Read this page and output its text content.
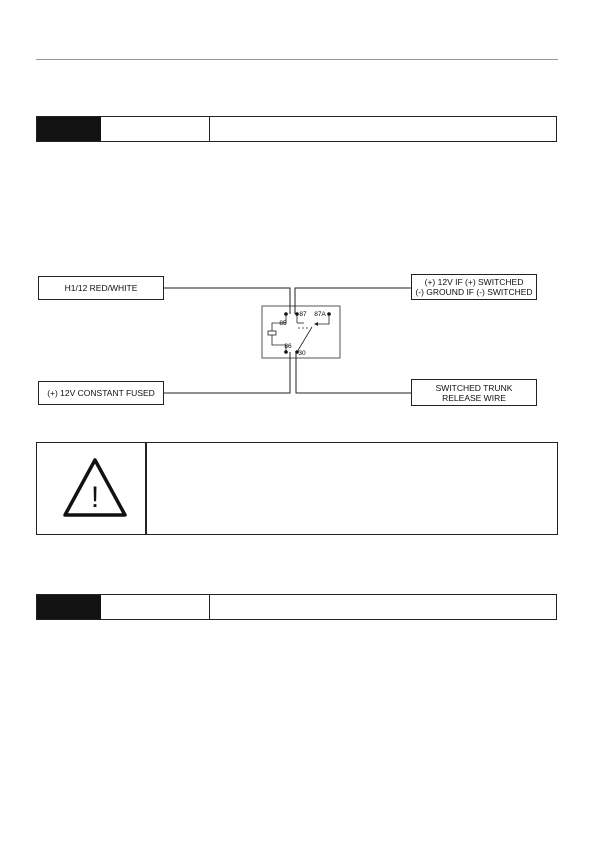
85
87 87A
86
30
H1/12 RED/WHITE
(+) 12V IF (+) SWITCHED
(-) GROUND IF (-) SWITCHED
(+) 12V CONSTANT FUSED
SWITCHED TRUNK
RELEASE WIRE
!
